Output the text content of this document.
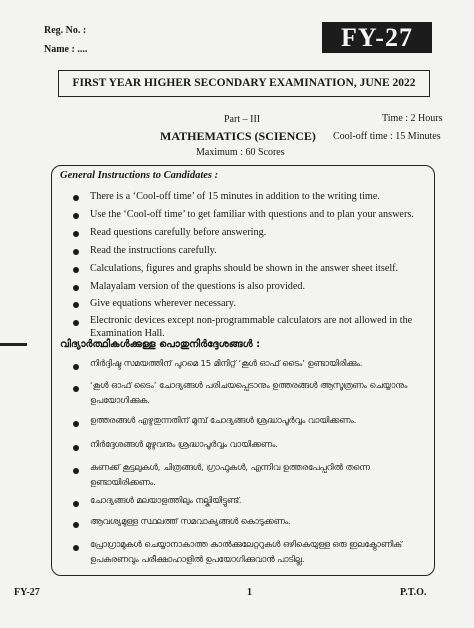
Reg. No. :
Name : ....	FY-27
FIRST YEAR HIGHER SECONDARY EXAMINATION, JUNE 2022
Part – III	Time : 2 Hours
MATHEMATICS (SCIENCE) Cool-off time : 15 Minutes
Maximum : 60 Scores
General Instructions to Candidates :
There is a ‘Cool-off time’ of 15 minutes in addition to the writing time.
Use the ‘Cool-off time’ to get familiar with questions and to plan your answers.
Read questions carefully before answering.
Read the instructions carefully.
Calculations, figures and graphs should be shown in the answer sheet itself.
Malayalam version of the questions is also provided.
Give equations wherever necessary.
Electronic devices except non-programmable calculators are not allowed in the Examination Hall.
വിദ്യാർത്ഥികൾക്കുള്ള പൊതുനിർദ്ദേശങ്ങൾ :
നിർദ്ദിഷ്ട സമയത്തിന് പുറമെ 15 മിനിറ്റ് ‘കൂൾ ഓഫ് ടൈം’ ഉണ്ടായിരിക്കും.
‘കൂൾ ഓഫ് ടൈം’ ചോദ്യങ്ങൾ പരിചയപ്പെടാനും ഉത്തരങ്ങൾ ആസൂത്രണം ചെയ്യാനും ഉപയോഗിക്കുക.
ഉത്തരങ്ങൾ എഴുതുന്നതിന് മുമ്പ് ചോദ്യങ്ങൾ ശ്രദ്ധാപൂർവ്വം വായിക്കണം.
നിർദ്ദേശങ്ങൾ മുഴുവനും ശ്രദ്ധാപൂർവ്വം വായിക്കണം.
കണക്ക് കൂട്ടലുകൾ, ചിത്രങ്ങൾ, ഗ്രാഫുകൾ, എന്നിവ ഉത്തരപേപ്പറിൽ തന്നെ ഉണ്ടായിരിക്കണം.
ചോദ്യങ്ങൾ മലയാളത്തിലും നല്കിയിട്ടുണ്ട്.
ആവശ്യമുള്ള സ്ഥലത്ത് സമവാക്യങ്ങൾ കൊടുക്കണം.
പ്രോഗ്രാമുകൾ ചെയ്യാനാകാത്ത കാൽക്കുലേറ്ററുകൾ ഒഴികെയുള്ള ഒരു ഇലക്ട്രോണിക് ഉപകരണവും പരീക്ഷാഹാളിൽ ഉപയോഗിക്കുവാൻ പാടില്ല.
FY-27	1	P.T.O.
